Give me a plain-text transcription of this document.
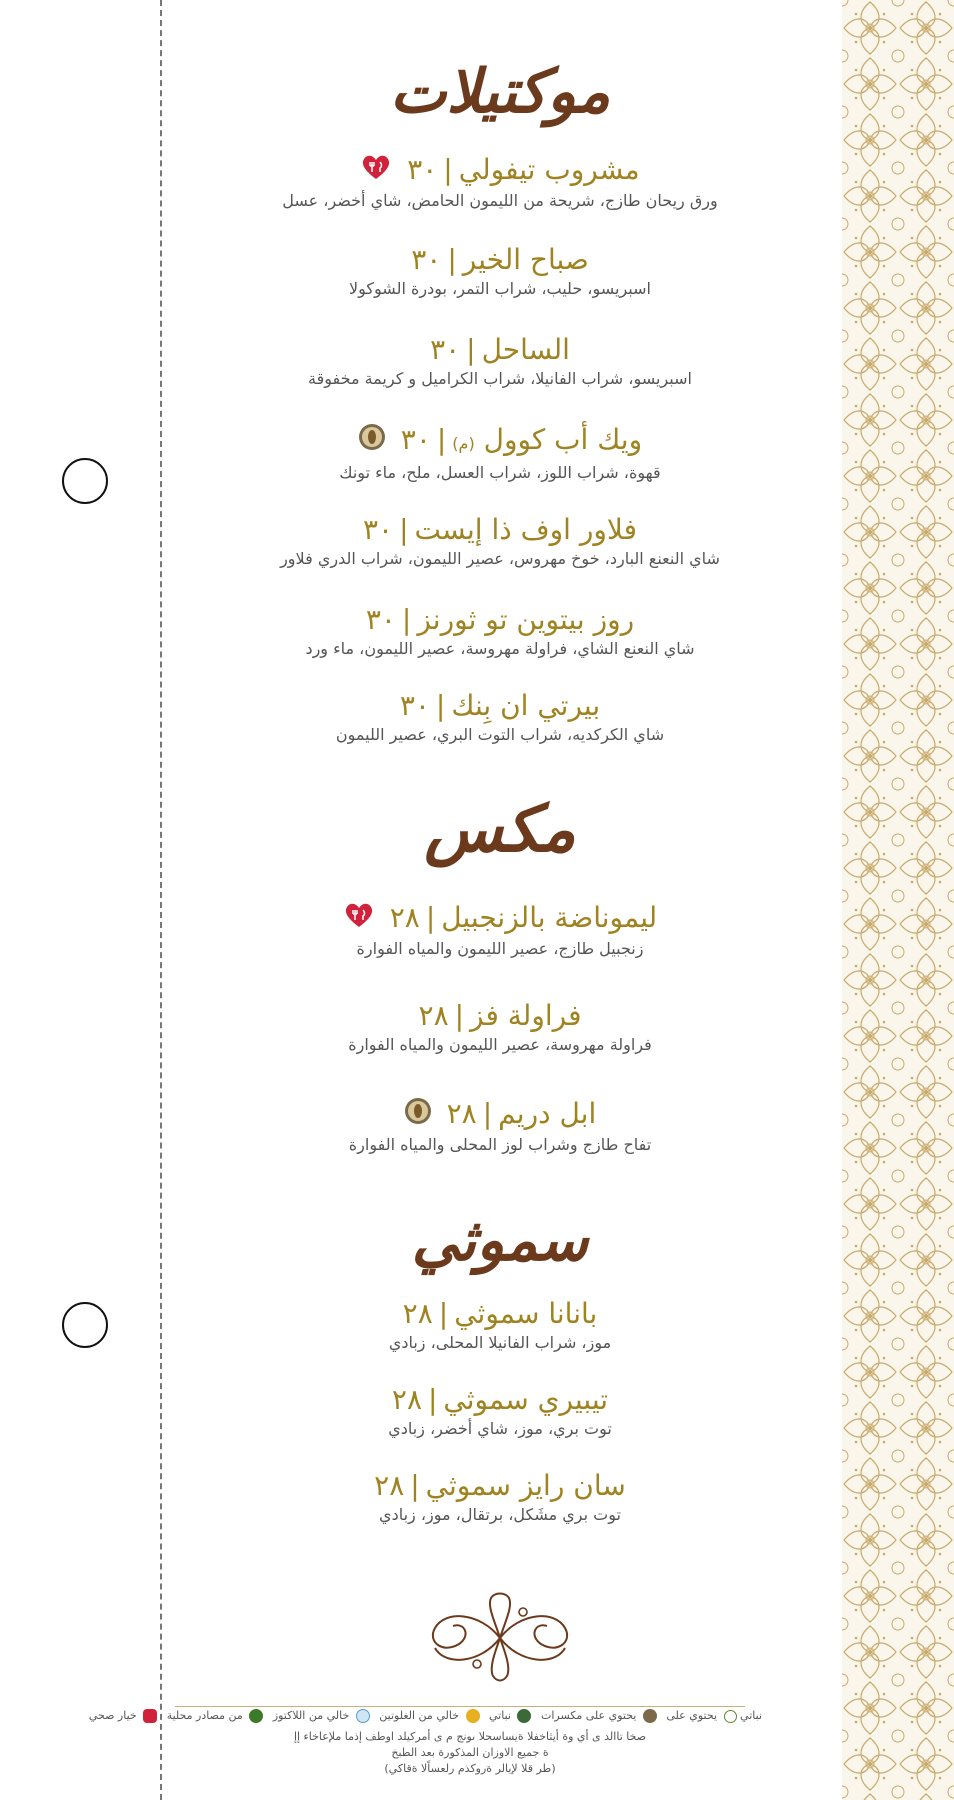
موكتيلات
مشروب تيفولي|٣٠
ورق ريحان طازج، شريحة من الليمون الحامض، شاي أخضر، عسل
صباح الخير|٣٠
اسبريسو، حليب، شراب التمر، بودرة الشوكولا
الساحل|٣٠
اسبريسو، شراب الفانيلا، شراب الكراميل و كريمة مخفوقة
ويك أب كوول (م)|٣٠
قهوة، شراب اللوز، شراب العسل، ملح، ماء تونك
فلاور اوف ذا إيست|٣٠
شاي النعنع البارد، خوخ مهروس، عصير الليمون، شراب الدري فلاور
روز بيتوين تو ثورنز|٣٠
شاي النعنع الشاي، فراولة مهروسة، عصير الليمون، ماء ورد
بيرتي ان بِنك|٣٠
شاي الكركديه، شراب التوت البري، عصير الليمون
مكس
ليموناضة بالزنجبيل|٢٨
زنجبيل طازج، عصير الليمون والمياه الفوارة
فراولة فز|٢٨
فراولة مهروسة، عصير الليمون والمياه الفوارة
ابل دريم|٢٨
تفاح طازج وشراب لوز المحلى والمياه الفوارة
سموثي
بانانا سموثي|٢٨
موز، شراب الفانيلا المحلى، زبادي
تيبيري سموثي|٢٨
توت بري، موز، شاي أخضر، زبادي
سان رايز سموثي|٢٨
توت بري مشَكل، برتقال، موز، زبادي
نباتي  يحتوي على  يحتوي على مكسرات  نباتي  خالي من الغلوتين  خالي من اللاكتوز  من مصادر محلية  خيار صحي
صخا تاالد ى أي وة أيثاخفلا ةيساسحلا ىونج م ى أمركيلد اوطف إذما ملإعاخاء إإ
ة جميع الاوزان المذكورة بعد الطبخ
(طر قلا لإيالر ةروكذم رلعساًلا ةقاكي)
